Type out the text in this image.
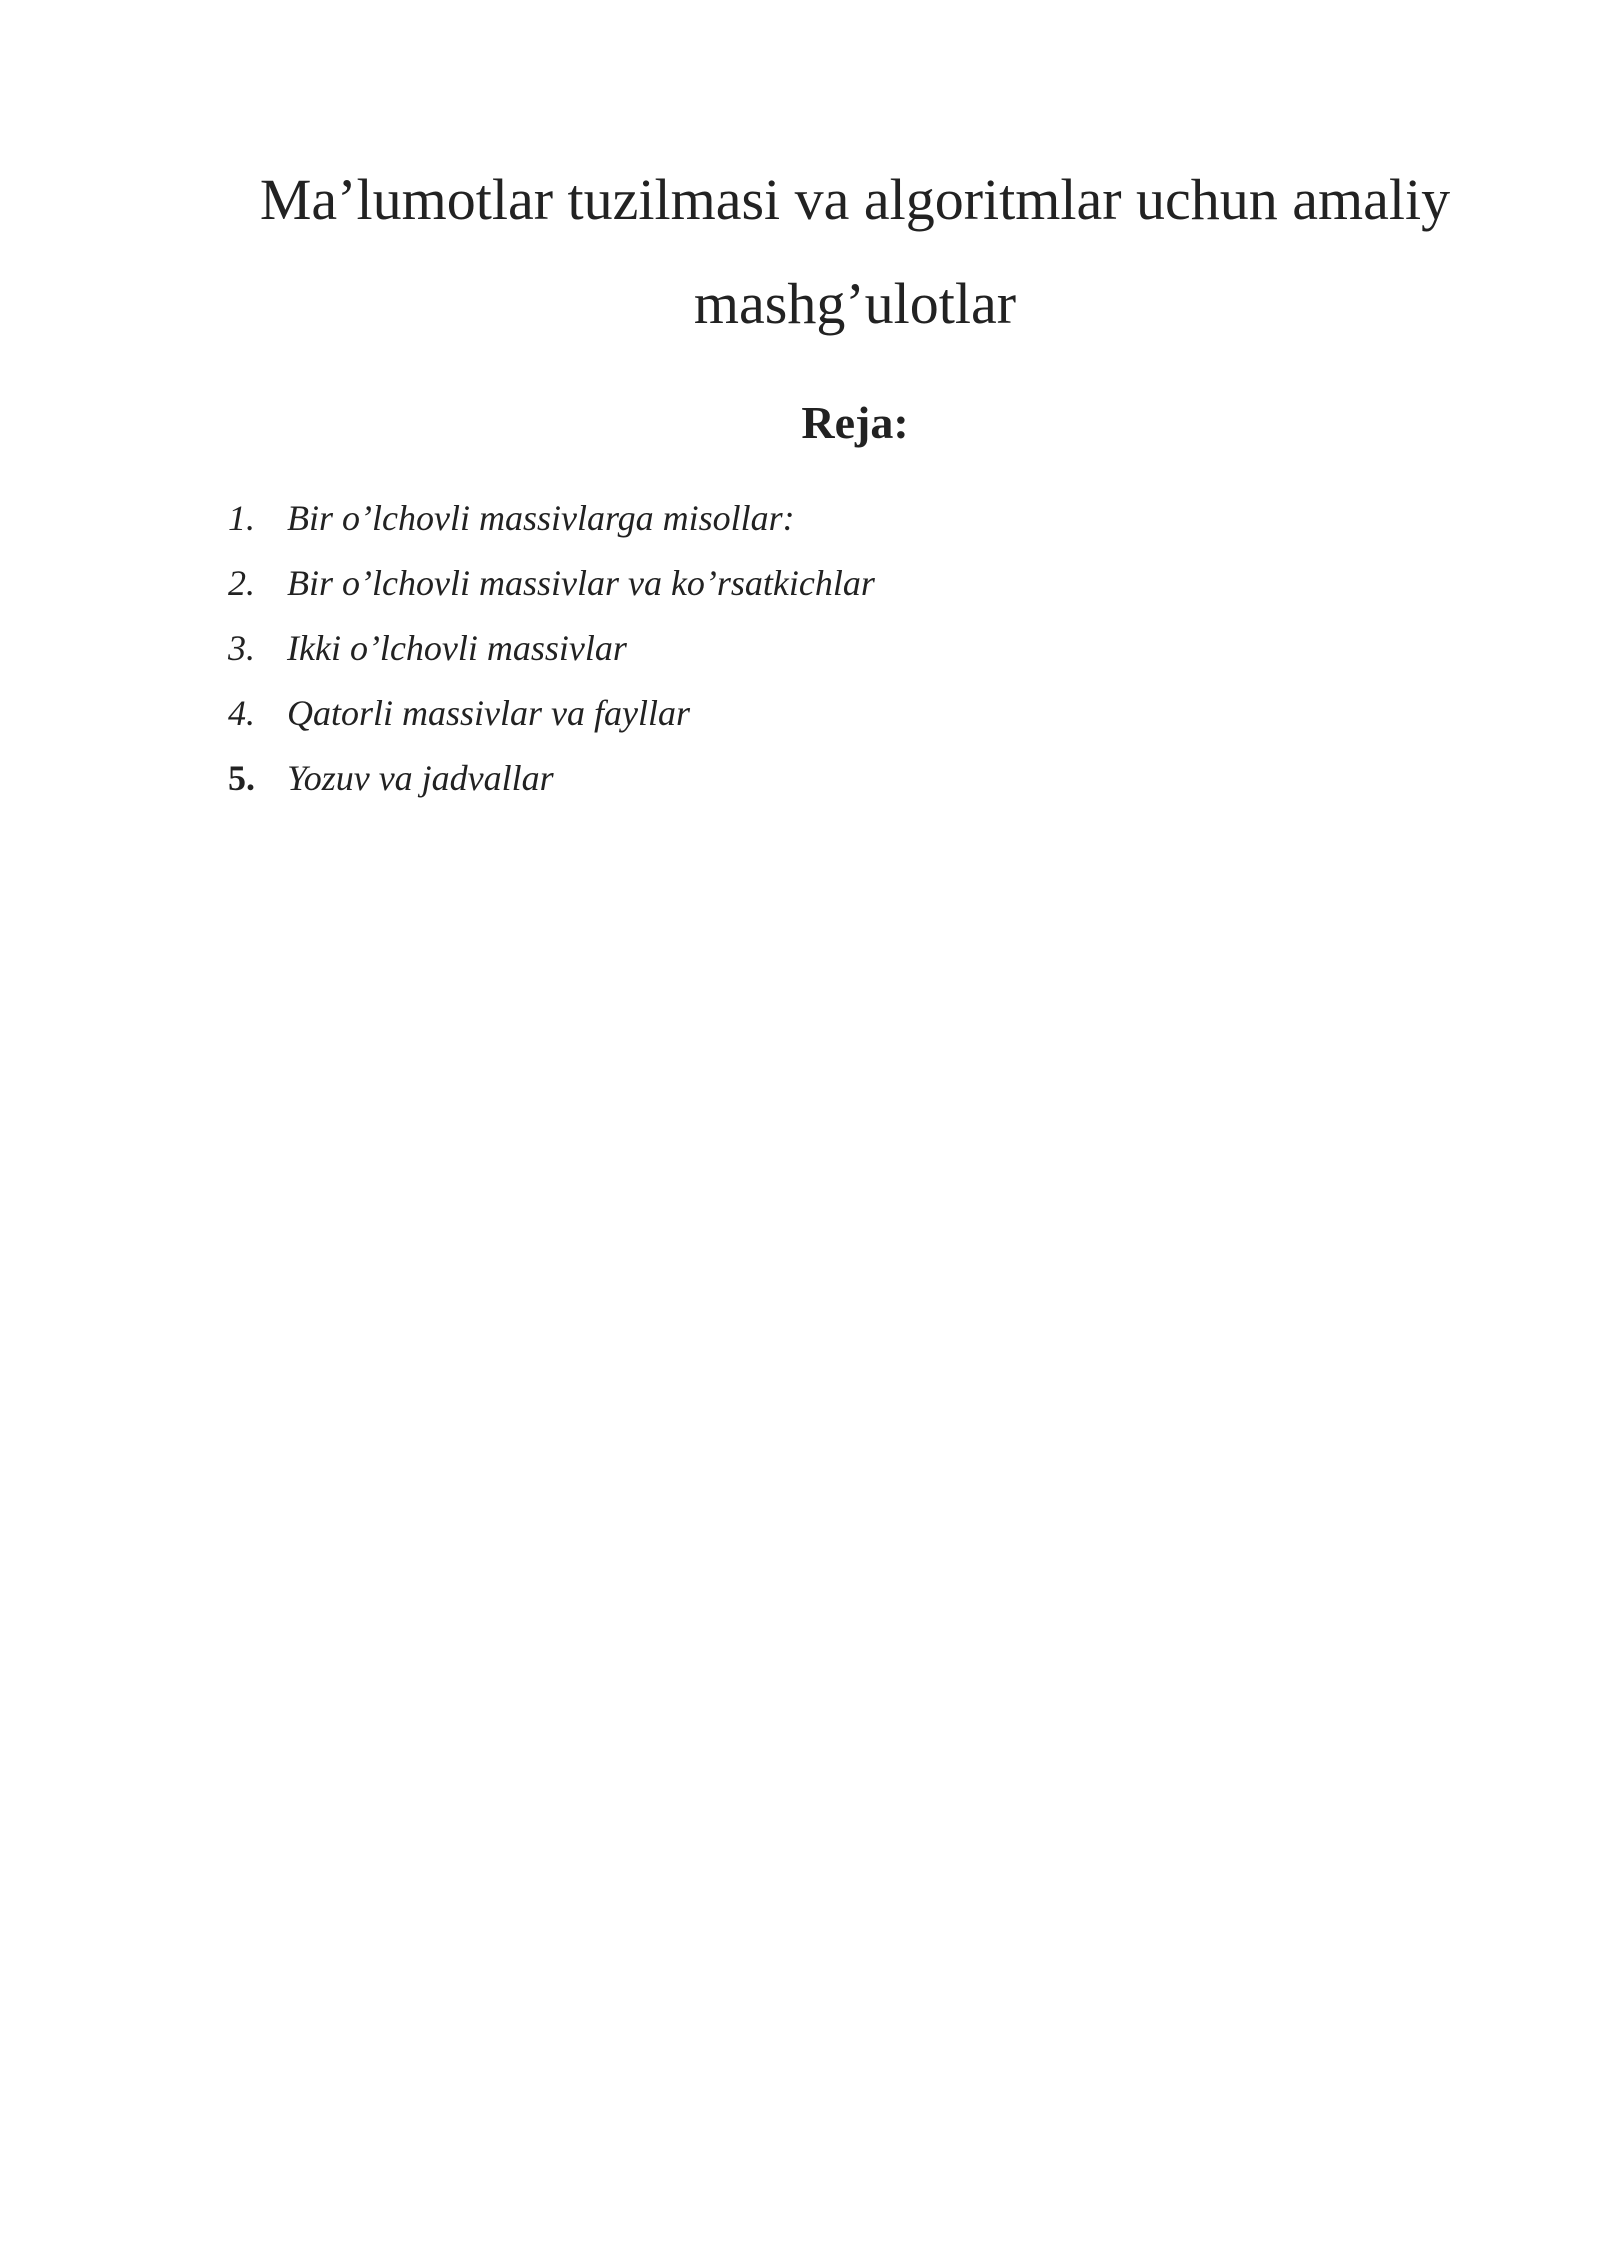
Ma’lumotlar tuzilmasi va algoritmlar uchun amaliy
mashg’ulotlar
Reja:
1. Bir o’lchovli massivlarga misollar:
2. Bir o’lchovli massivlar va ko’rsatkichlar
3. Ikki o’lchovli massivlar
4. Qatorli massivlar va fayllar
5. Yozuv va jadvallar
